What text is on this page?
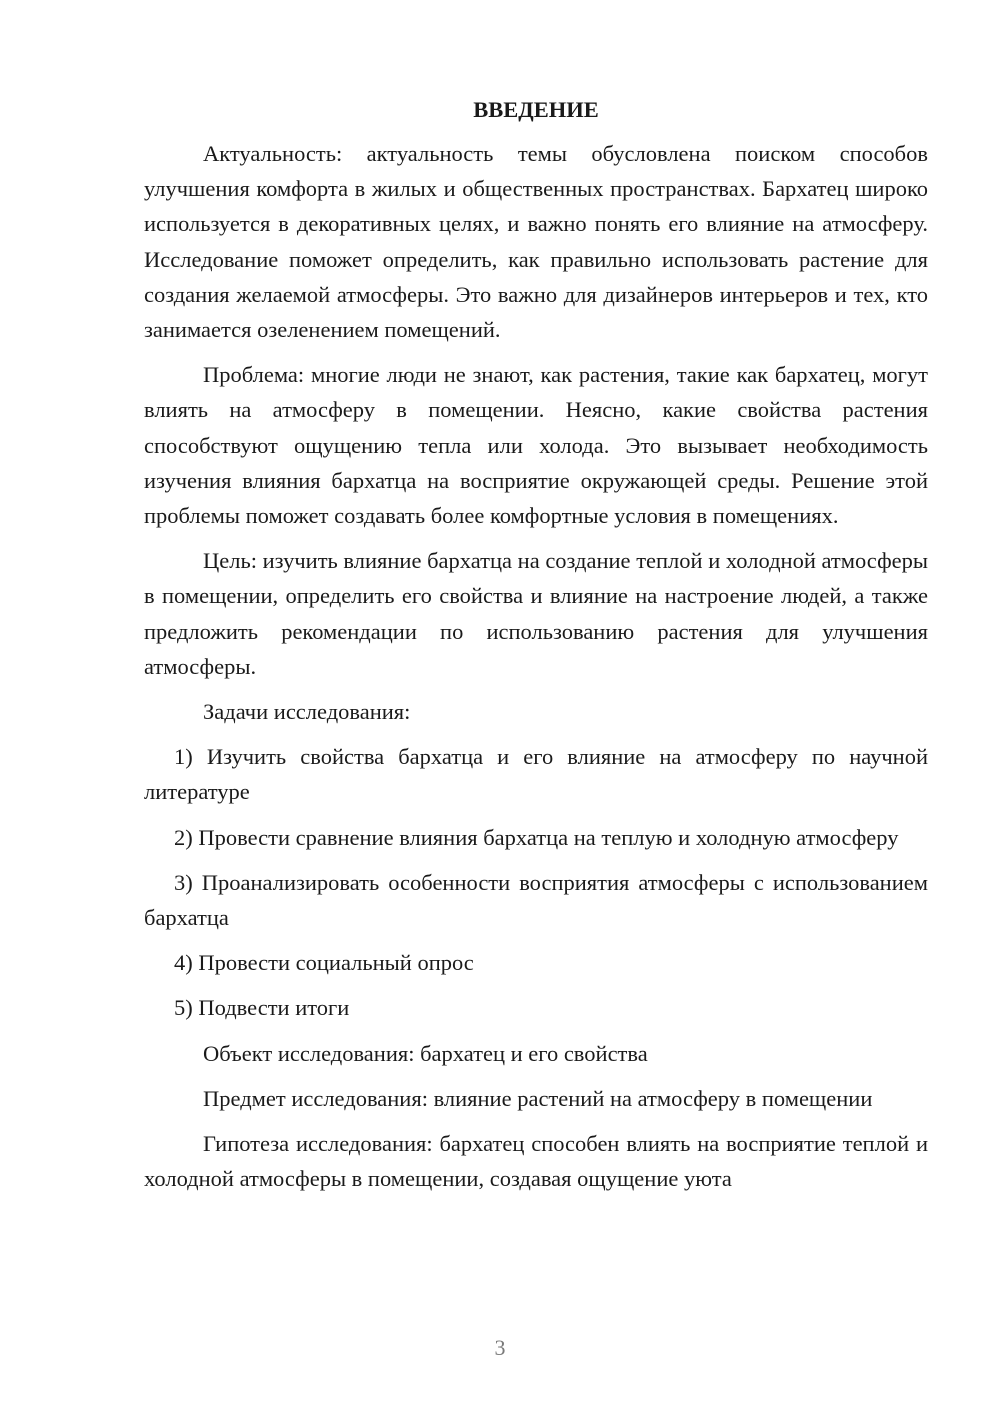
ВВЕДЕНИЕ

Актуальность: актуальность темы обусловлена поиском способов улучшения комфорта в жилых и общественных пространствах. Бархатец широко используется в декоративных целях, и важно понять его влияние на атмосферу. Исследование поможет определить, как правильно использовать растение для создания желаемой атмосферы. Это важно для дизайнеров интерьеров и тех, кто занимается озеленением помещений.

Проблема: многие люди не знают, как растения, такие как бархатец, могут влиять на атмосферу в помещении. Неясно, какие свойства растения способствуют ощущению тепла или холода. Это вызывает необходимость изучения влияния бархатца на восприятие окружающей среды. Решение этой проблемы поможет создавать более комфортные условия в помещениях.

Цель: изучить влияние бархатца на создание теплой и холодной атмосферы в помещении, определить его свойства и влияние на настроение людей, а также предложить рекомендации по использованию растения для улучшения атмосферы.

Задачи исследования:

1) Изучить свойства бархатца и его влияние на атмосферу по научной литературе

2) Провести сравнение влияния бархатца на теплую и холодную атмосферу

3) Проанализировать особенности восприятия атмосферы с использованием бархатца

4) Провести социальный опрос

5) Подвести итоги

Объект исследования: бархатец и его свойства

Предмет исследования: влияние растений на атмосферу в помещении

Гипотеза исследования: бархатец способен влиять на восприятие теплой и холодной атмосферы в помещении, создавая ощущение уюта

3
